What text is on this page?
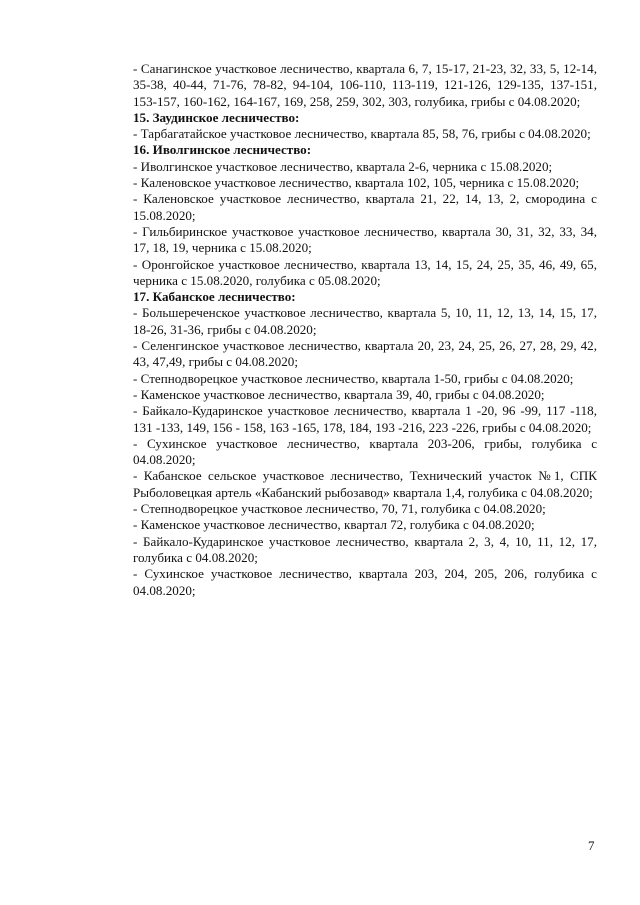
- Санагинское участковое лесничество, квартала 6, 7, 15-17, 21-23, 32, 33, 5, 12-14, 35-38, 40-44, 71-76, 78-82, 94-104, 106-110, 113-119, 121-126, 129-135, 137-151, 153-157, 160-162, 164-167, 169, 258, 259, 302, 303, голубика, грибы с 04.08.2020;

15. Заудинское лесничество:

- Тарбагатайское участковое лесничество, квартала 85, 58, 76, грибы с 04.08.2020;

16. Иволгинское лесничество:

- Иволгинское участковое лесничество, квартала 2-6, черника с 15.08.2020;

- Каленовское участковое лесничество, квартала 102, 105, черника с 15.08.2020;

- Каленовское участковое лесничество, квартала 21, 22, 14, 13, 2, смородина с 15.08.2020;

- Гильбиринское участковое участковое лесничество, квартала 30, 31, 32, 33, 34, 17, 18, 19, черника с 15.08.2020;

- Оронгойское участковое лесничество, квартала 13, 14, 15, 24, 25, 35, 46, 49, 65, черника с 15.08.2020, голубика с 05.08.2020;

17. Кабанское лесничество:

- Большереченское участковое лесничество, квартала 5, 10, 11, 12, 13, 14, 15, 17, 18-26, 31-36, грибы с 04.08.2020;

- Селенгинское участковое лесничество, квартала 20, 23, 24, 25, 26, 27, 28, 29, 42, 43, 47,49, грибы с 04.08.2020;

- Степнодворецкое участковое лесничество, квартала 1-50, грибы с 04.08.2020;

- Каменское участковое лесничество, квартала 39, 40, грибы с 04.08.2020;

- Байкало-Кударинское участковое лесничество, квартала 1 -20, 96 -99, 117 -118, 131 -133, 149, 156 - 158, 163 -165, 178, 184, 193 -216, 223 -226, грибы с 04.08.2020;

- Сухинское участковое лесничество, квартала 203-206, грибы, голубика с 04.08.2020;

- Кабанское сельское участковое лесничество, Технический участок №1, СПК Рыболовецкая артель «Кабанский рыбозавод» квартала 1,4, голубика с 04.08.2020;

- Степнодворецкое участковое лесничество, 70, 71, голубика с 04.08.2020;

- Каменское участковое лесничество, квартал 72, голубика с 04.08.2020;

- Байкало-Кударинское участковое лесничество, квартала 2, 3, 4, 10, 11, 12, 17, голубика с 04.08.2020;

- Сухинское участковое лесничество, квартала 203, 204, 205, 206, голубика с 04.08.2020;

7
